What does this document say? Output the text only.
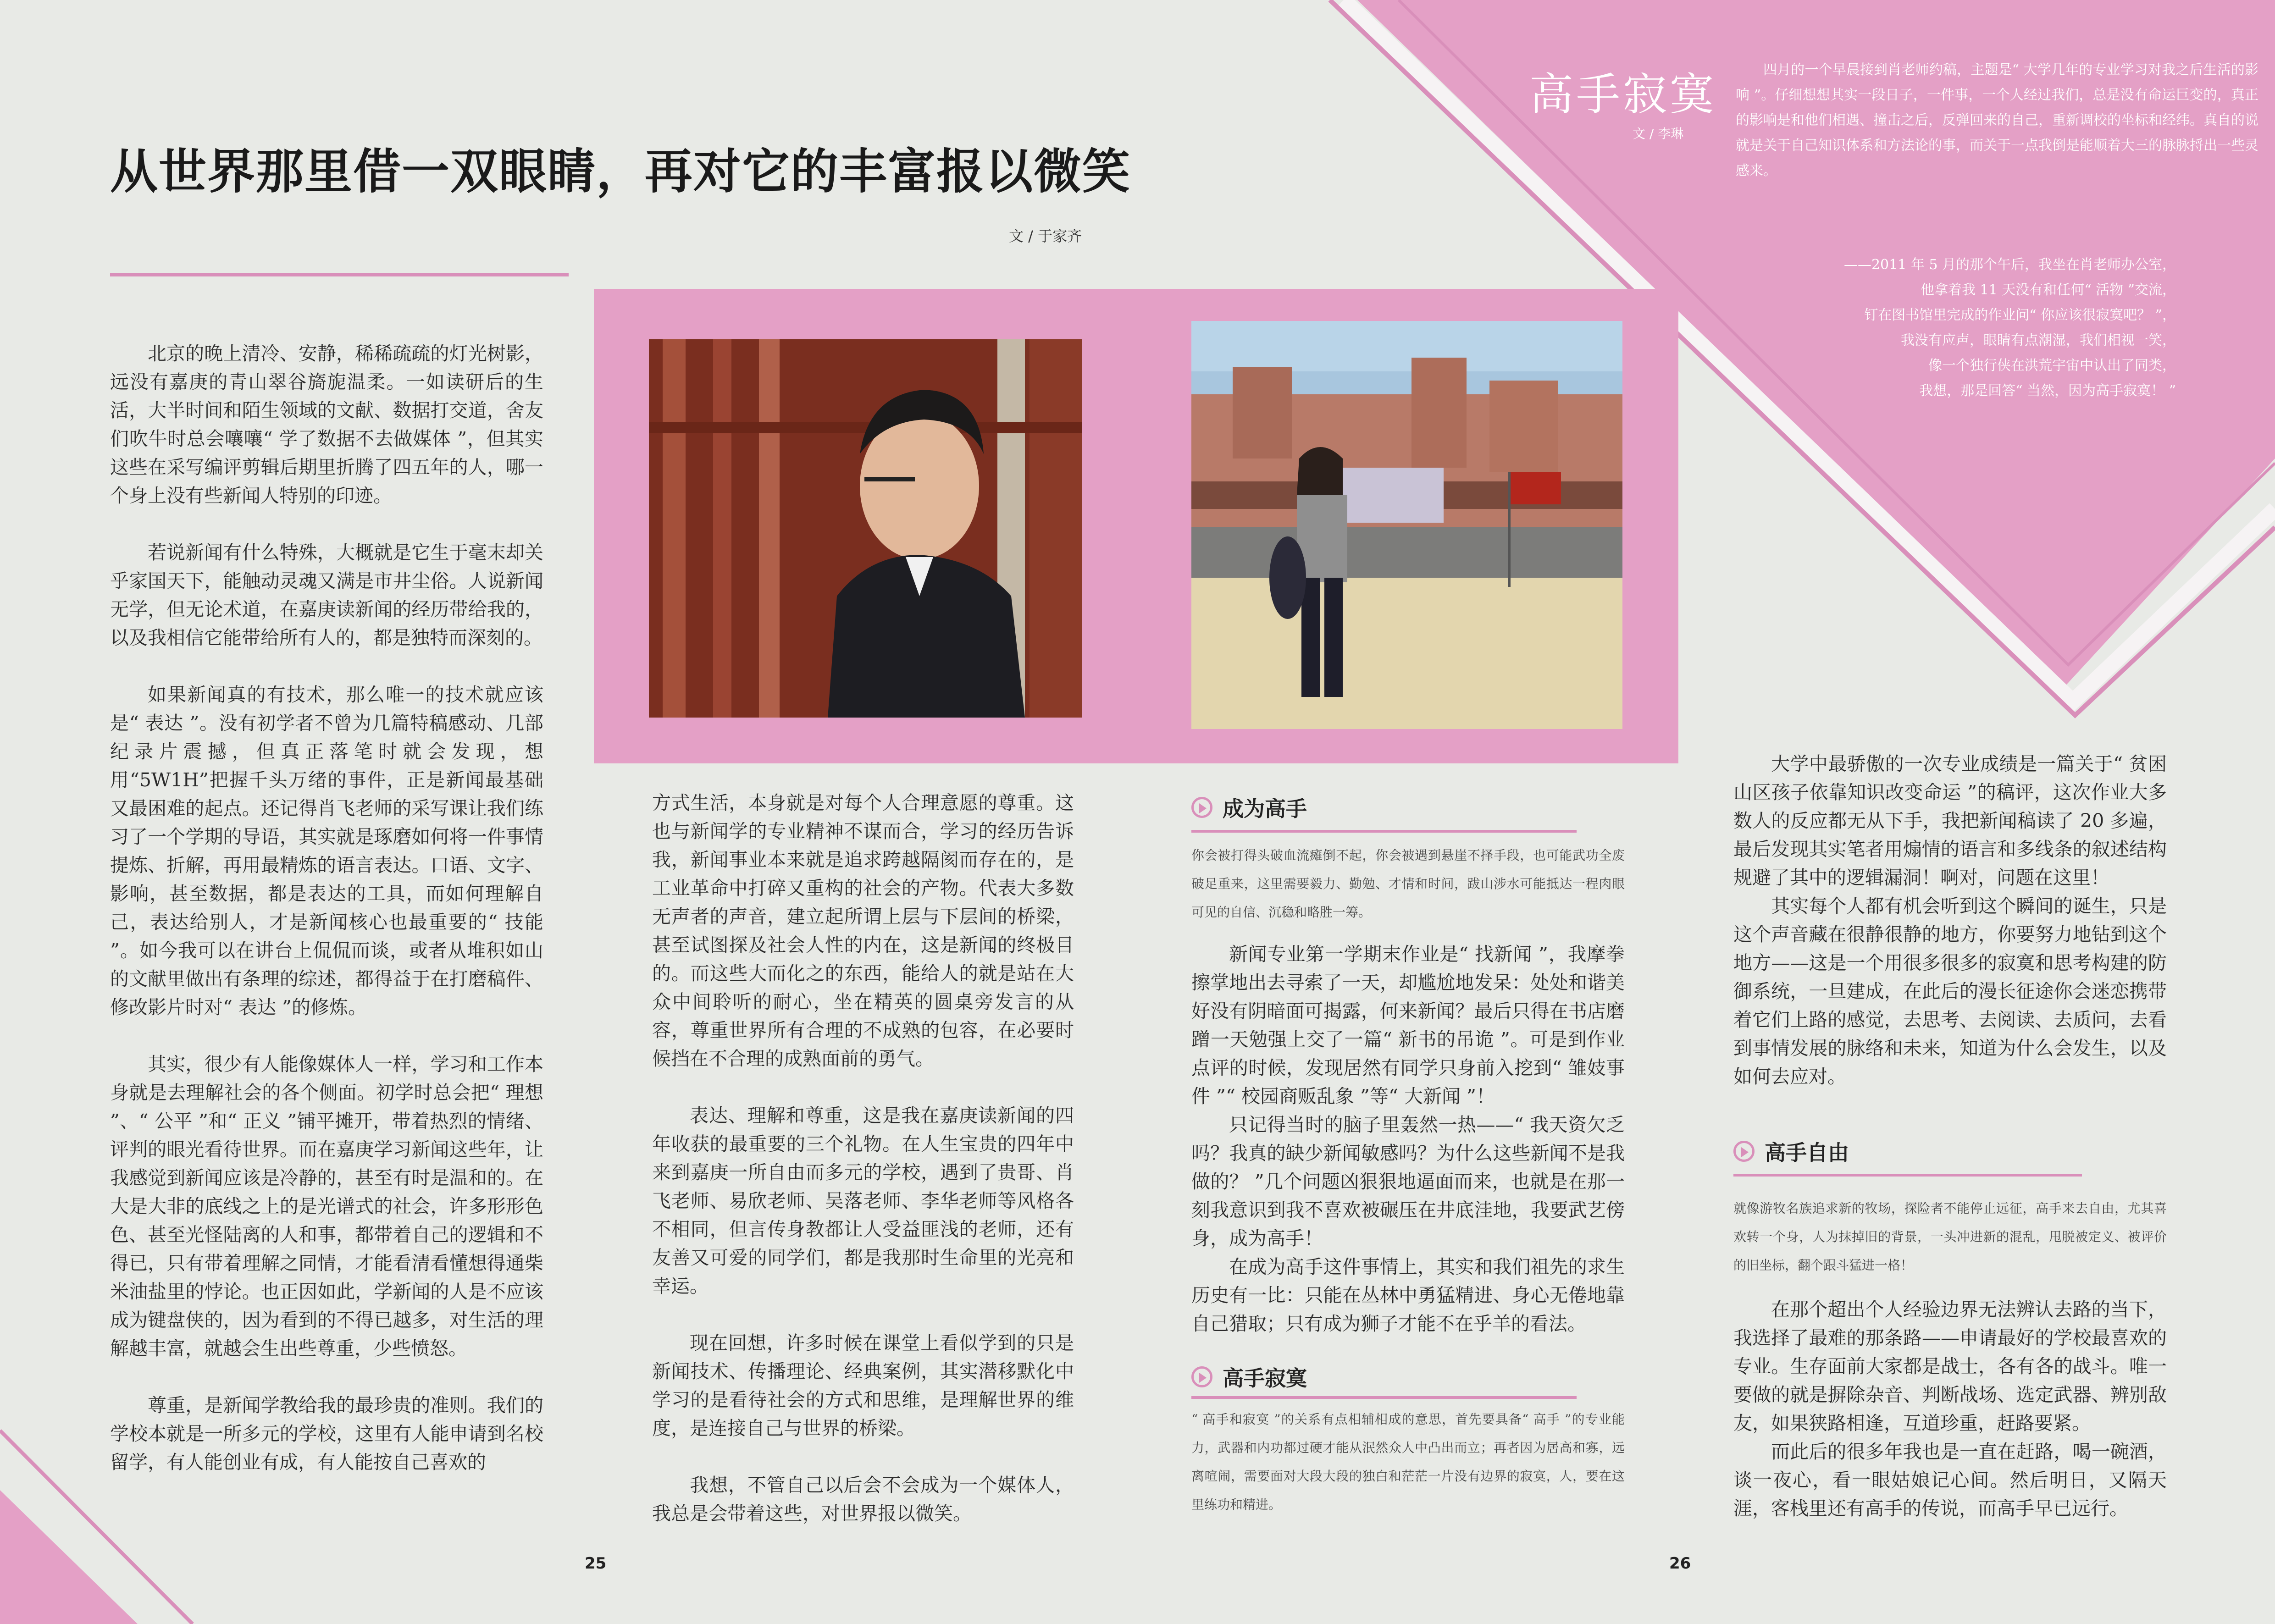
从世界那里借一双眼睛，再对它的丰富报以微笑
文 / 于家齐

北京的晚上清冷、安静，稀稀疏疏的灯光树影，远没有嘉庚的青山翠谷旖旎温柔。一如读研后的生活，大半时间和陌生领域的文献、数据打交道，舍友们吹牛时总会嚷嚷“ 学了数据不去做媒体 ”，但其实这些在采写编评剪辑后期里折腾了四五年的人，哪一个身上没有些新闻人特别的印迹。

若说新闻有什么特殊，大概就是它生于毫末却关乎家国天下，能触动灵魂又满是市井尘俗。人说新闻无学，但无论术道，在嘉庚读新闻的经历带给我的，以及我相信它能带给所有人的，都是独特而深刻的。

如果新闻真的有技术，那么唯一的技术就应该是“ 表达 ”。没有初学者不曾为几篇特稿感动、几部纪录片震撼，但真正落笔时就会发现，想用“5W1H”把握千头万绪的事件，正是新闻最基础又最困难的起点。还记得肖飞老师的采写课让我们练习了一个学期的导语，其实就是琢磨如何将一件事情提炼、折解，再用最精炼的语言表达。口语、文字、影响，甚至数据，都是表达的工具，而如何理解自己，表达给别人，才是新闻核心也最重要的“ 技能 ”。如今我可以在讲台上侃侃而谈，或者从堆积如山的文献里做出有条理的综述，都得益于在打磨稿件、修改影片时对“ 表达 ”的修炼。

其实，很少有人能像媒体人一样，学习和工作本身就是去理解社会的各个侧面。初学时总会把“ 理想 ”、“ 公平 ”和“ 正义 ”铺平摊开，带着热烈的情绪、评判的眼光看待世界。而在嘉庚学习新闻这些年，让我感觉到新闻应该是冷静的，甚至有时是温和的。在大是大非的底线之上的是光谱式的社会，许多形形色色、甚至光怪陆离的人和事，都带着自己的逻辑和不得已，只有带着理解之同情，才能看清看懂想得通柴米油盐里的悖论。也正因如此，学新闻的人是不应该成为键盘侠的，因为看到的不得已越多，对生活的理解越丰富，就越会生出些尊重，少些愤怒。

尊重，是新闻学教给我的最珍贵的准则。我们的学校本就是一所多元的学校，这里有人能申请到名校留学，有人能创业有成，有人能按自己喜欢的

方式生活，本身就是对每个人合理意愿的尊重。这也与新闻学的专业精神不谋而合，学习的经历告诉我，新闻事业本来就是追求跨越隔阂而存在的，是工业革命中打碎又重构的社会的产物。代表大多数无声者的声音，建立起所谓上层与下层间的桥梁，甚至试图探及社会人性的内在，这是新闻的终极目的。而这些大而化之的东西，能给人的就是站在大众中间聆听的耐心，坐在精英的圆桌旁发言的从容，尊重世界所有合理的不成熟的包容，在必要时候挡在不合理的成熟面前的勇气。

表达、理解和尊重，这是我在嘉庚读新闻的四年收获的最重要的三个礼物。在人生宝贵的四年中来到嘉庚一所自由而多元的学校，遇到了贵哥、肖飞老师、易欣老师、吴落老师、李华老师等风格各不相同，但言传身教都让人受益匪浅的老师，还有友善又可爱的同学们，都是我那时生命里的光亮和幸运。

现在回想，许多时候在课堂上看似学到的只是新闻技术、传播理论、经典案例，其实潜移默化中学习的是看待社会的方式和思维，是理解世界的维度，是连接自己与世界的桥梁。

我想，不管自己以后会不会成为一个媒体人，我总是会带着这些，对世界报以微笑。

25
高手寂寞
文 / 李琳

四月的一个早晨接到肖老师约稿，主题是“ 大学几年的专业学习对我之后生活的影响 ”。仔细想想其实一段日子，一件事，一个人经过我们，总是没有命运巨变的，真正的影响是和他们相遇、撞击之后，反弹回来的自己，重新调校的坐标和经纬。真自的说就是关于自己知识体系和方法论的事，而关于一点我倒是能顺着大三的脉脉捋出一些灵感来。

——2011 年 5 月的那个午后，我坐在肖老师办公室，

他拿着我 11 天没有和任何“ 活物 ”交流，

钉在图书馆里完成的作业问“ 你应该很寂寞吧？ ”，

我没有应声，眼睛有点潮湿，我们相视一笑，

像一个独行侠在洪荒宇宙中认出了同类，

我想，那是回答“ 当然，因为高手寂寞！ ”

成为高手

你会被打得头破血流瘫倒不起，你会被遇到悬崖不择手段，也可能武功全废破足重来，这里需要毅力、勤勉、才情和时间，跋山涉水可能抵达一程肉眼可见的自信、沉稳和略胜一筹。

新闻专业第一学期末作业是“ 找新闻 ”，我摩拳擦掌地出去寻索了一天，却尴尬地发呆：处处和谐美好没有阴暗面可揭露，何来新闻？最后只得在书店磨蹭一天勉强上交了一篇“ 新书的吊诡 ”。可是到作业点评的时候，发现居然有同学只身前入挖到“ 雏妓事件 ”“ 校园商贩乱象 ”等“ 大新闻 ”！

只记得当时的脑子里轰然一热——“ 我天资欠乏吗？我真的缺少新闻敏感吗？为什么这些新闻不是我做的？ ”几个问题凶狠狠地逼面而来，也就是在那一刻我意识到我不喜欢被碾压在井底洼地，我要武艺傍身，成为高手！

在成为高手这件事情上，其实和我们祖先的求生历史有一比：只能在丛林中勇猛精进、身心无倦地靠自己猎取；只有成为狮子才能不在乎羊的看法。

高手寂寞

“ 高手和寂寞 ”的关系有点相辅相成的意思，首先要具备“ 高手 ”的专业能力，武器和内功都过硬才能从泯然众人中凸出而立；再者因为居高和寡，远离喧闹，需要面对大段大段的独白和茫茫一片没有边界的寂寞，人，要在这里练功和精进。

大学中最骄傲的一次专业成绩是一篇关于“ 贫困山区孩子依靠知识改变命运 ”的稿评，这次作业大多数人的反应都无从下手，我把新闻稿读了 20 多遍，最后发现其实笔者用煽情的语言和多线条的叙述结构规避了其中的逻辑漏洞！啊对，问题在这里！

其实每个人都有机会听到这个瞬间的诞生，只是这个声音藏在很静很静的地方，你要努力地钻到这个地方——这是一个用很多很多的寂寞和思考构建的防御系统，一旦建成，在此后的漫长征途你会迷恋携带着它们上路的感觉，去思考、去阅读、去质问，去看到事情发展的脉络和未来，知道为什么会发生，以及如何去应对。

高手自由

就像游牧名族追求新的牧场，探险者不能停止远征，高手来去自由，尤其喜欢转一个身，人为抹掉旧的背景，一头冲进新的混乱，甩脱被定义、被评价的旧坐标，翻个跟斗猛进一格！

在那个超出个人经验边界无法辨认去路的当下，我选择了最难的那条路——申请最好的学校最喜欢的专业。生存面前大家都是战士，各有各的战斗。唯一要做的就是摒除杂音、判断战场、选定武器、辨别敌友，如果狭路相逢，互道珍重，赶路要紧。

而此后的很多年我也是一直在赶路，喝一碗酒，谈一夜心，看一眼姑娘记心间。然后明日，又隔天涯，客栈里还有高手的传说，而高手早已远行。

26
